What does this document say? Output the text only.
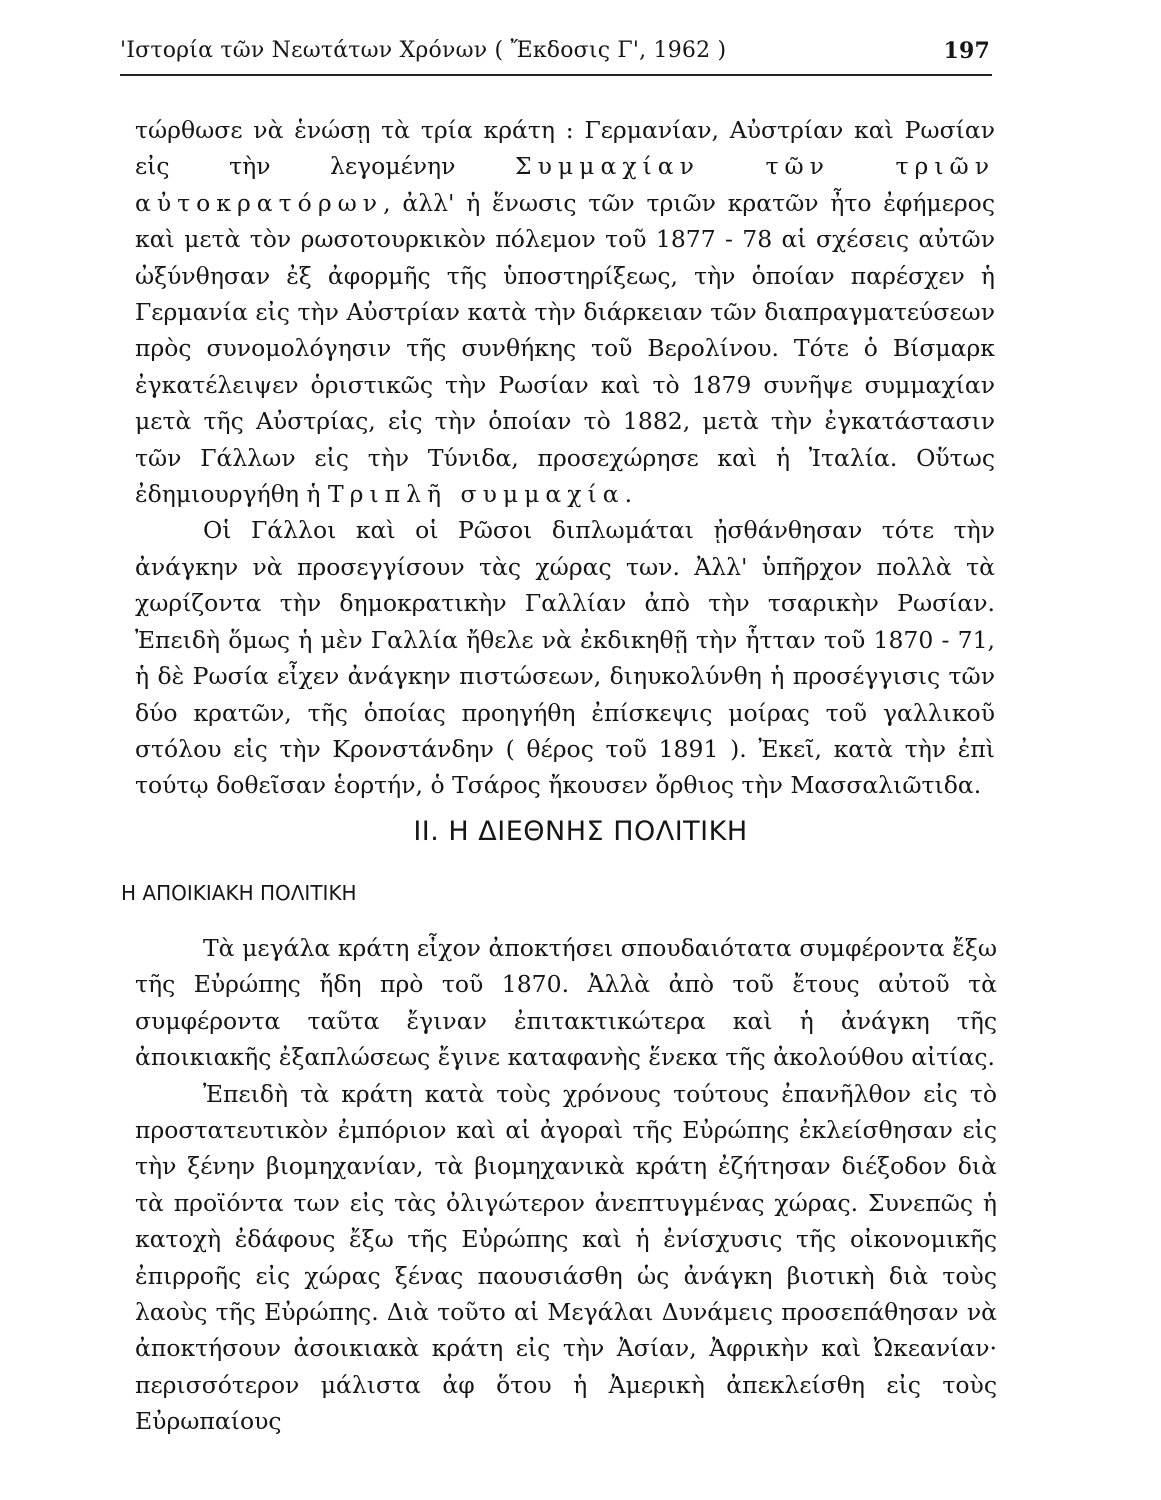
'Ιστορία τῶν Νεωτάτων Χρόνων ( Ἔκδοσις Γ', 1962 )	197

τώρθωσε νὰ ἑνώσῃ τὰ τρία κράτη : Γερμανίαν, Αὐστρίαν καὶ Ρωσίαν εἰς τὴν λεγομένην Συμμαχίαν τῶν τριῶν αὐτοκρατόρων, ἀλλ' ἡ ἕνωσις τῶν τριῶν κρατῶν ἦτο ἐφήμερος καὶ μετὰ τὸν ρωσοτουρκικὸν πόλεμον τοῦ 1877 - 78 αἱ σχέσεις αὐτῶν ὠξύνθησαν ἐξ ἀφορμῆς τῆς ὑποστηρίξεως, τὴν ὁποίαν παρέσχεν ἡ Γερμανία εἰς τὴν Αὐστρίαν κατὰ τὴν διάρκειαν τῶν διαπραγματεύσεων πρὸς συνομολόγησιν τῆς συνθήκης τοῦ Βερολίνου. Τότε ὁ Βίσμαρκ ἐγκατέλειψεν ὁριστικῶς τὴν Ρωσίαν καὶ τὸ 1879 συνῆψε συμμαχίαν μετὰ τῆς Αὐστρίας, εἰς τὴν ὁποίαν τὸ 1882, μετὰ τὴν ἐγκατάστασιν τῶν Γάλλων εἰς τὴν Τύνιδα, προσεχώρησε καὶ ἡ Ἰταλία. Οὕτως ἐδημιουργήθη ἡ Τριπλῆ συμμαχία.

Οἱ Γάλλοι καὶ οἱ Ρῶσοι διπλωμάται ᾐσθάνθησαν τότε τὴν ἀνάγκην νὰ προσεγγίσουν τὰς χώρας των. Ἀλλ' ὑπῆρχον πολλὰ τὰ χωρίζοντα τὴν δημοκρατικὴν Γαλλίαν ἀπὸ τὴν τσαρικὴν Ρωσίαν. Ἐπειδὴ ὅμως ἡ μὲν Γαλλία ἤθελε νὰ ἐκδικηθῇ τὴν ἧτταν τοῦ 1870 - 71, ἡ δὲ Ρωσία εἶχεν ἀνάγκην πιστώσεων, διηυκολύνθη ἡ προσέγγισις τῶν δύο κρατῶν, τῆς ὁποίας προηγήθη ἐπίσκεψις μοίρας τοῦ γαλλικοῦ στόλου εἰς τὴν Κρονστάνδην ( θέρος τοῦ 1891 ). Ἐκεῖ, κατὰ τὴν ἐπὶ τούτῳ δοθεῖσαν ἑορτήν, ὁ Τσάρος ἤκουσεν ὄρθιος τὴν Μασσαλιῶτιδα.

II. Η ΔΙΕΘΝΗΣ ΠΟΛΙΤΙΚΗ
Η ΑΠΟΙΚΙΑΚΗ ΠΟΛΙΤΙΚΗ

Τὰ μεγάλα κράτη εἶχον ἀποκτήσει σπουδαιότατα συμφέροντα ἔξω τῆς Εὐρώπης ἤδη πρὸ τοῦ 1870. Ἀλλὰ ἀπὸ τοῦ ἔτους αὐτοῦ τὰ συμφέροντα ταῦτα ἔγιναν ἐπιτακτικώτερα καὶ ἡ ἀνάγκη τῆς ἀποικιακῆς ἐξαπλώσεως ἔγινε καταφανὴς ἕνεκα τῆς ἀκολούθου αἰτίας.

Ἐπειδὴ τὰ κράτη κατὰ τοὺς χρόνους τούτους ἐπανῆλθον εἰς τὸ προστατευτικὸν ἐμπόριον καὶ αἱ ἀγοραὶ τῆς Εὐρώπης ἐκλείσθησαν εἰς τὴν ξένην βιομηχανίαν, τὰ βιομηχανικὰ κράτη ἐζήτησαν διέξοδον διὰ τὰ προϊόντα των εἰς τὰς ὀλιγώτερον ἀνεπτυγμένας χώρας. Συνεπῶς ἡ κατοχὴ ἐδάφους ἔξω τῆς Εὐρώπης καὶ ἡ ἐνίσχυσις τῆς οἰκονομικῆς ἐπιρροῆς εἰς χώρας ξένας παουσιάσθη ὡς ἀνάγκη βιοτικὴ διὰ τοὺς λαοὺς τῆς Εὐρώπης. Διὰ τοῦτο αἱ Μεγάλαι Δυνάμεις προσεπάθησαν νὰ ἀποκτήσουν ἀσοικιακὰ κράτη εἰς τὴν Ἀσίαν, Ἀφρικὴν καὶ Ὠκεανίαν· περισσότερον μάλιστα ἀφ ὅτου ἡ Ἀμερικὴ ἀπεκλείσθη εἰς τοὺς Εὐρωπαίους
